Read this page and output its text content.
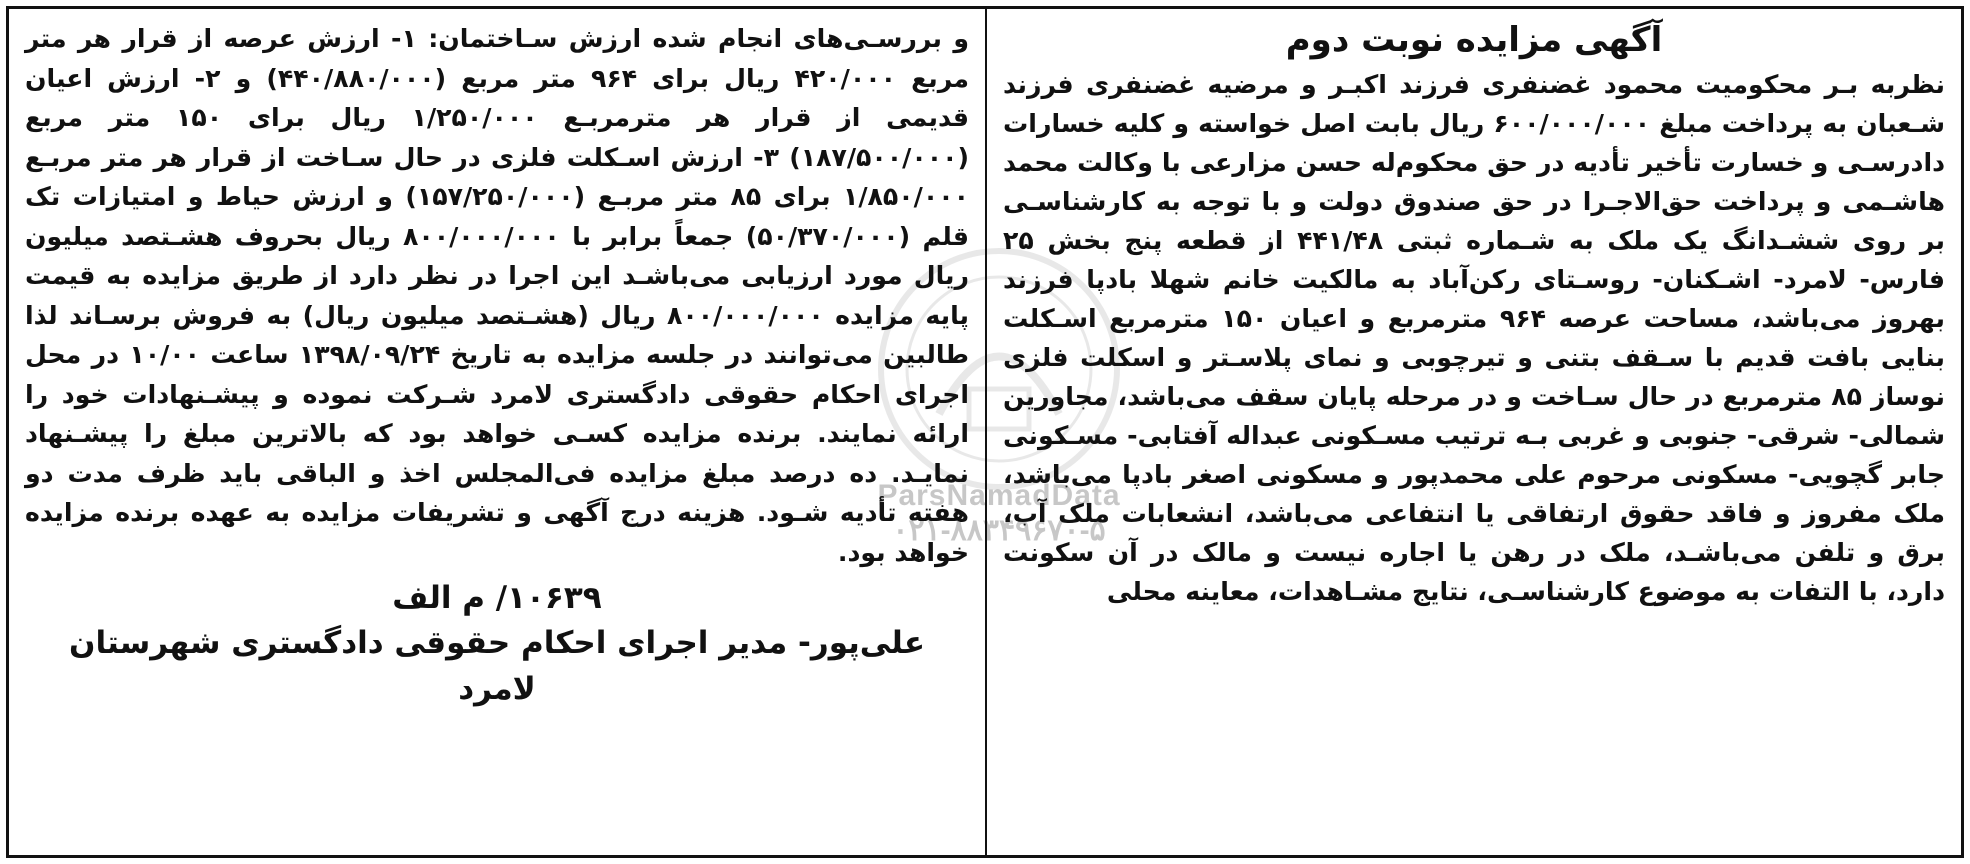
ParsNamadData
۰۲۱-۸۸۳۴۹۶۷۰-۵
آگهی مزایده نوبت دوم

نظربه بـر محکومیت محمود غضنفری فرزند اکبـر و مرضیه غضنفری فرزند شـعبان به پرداخت مبلغ ۶۰۰/۰۰۰/۰۰۰ ریال بابت اصل خواسته و کلیه خسارات دادرسـی و خسارت تأخیر تأدیه در حق محکوم‌له حسن مزارعی با وکالت محمد هاشـمی و پرداخت حق‌الاجـرا در حق صندوق دولت و با توجه به کارشناسـی بر روی ششـدانگ یک ملک به شـماره ثبتی ۴۴۱/۴۸ از قطعه پنج بخش ۲۵ فارس- لامرد- اشـکنان- روسـتای رکن‌آباد به مالکیت خانم شهلا بادپا فرزند بهروز می‌باشد، مساحت عرصه ۹۶۴ مترمربع و اعیان ۱۵۰ مترمربع اسـکلت بنایی بافت قدیم با سـقف بتنی و تیرچوبی و نمای پلاسـتر و اسکلت فلزی نوساز ۸۵ مترمربع در حال سـاخت و در مرحله پایان سقف می‌باشد، مجاورین شمالی- شرقی- جنوبی و غربی بـه ترتیب مسـکونی عبداله آفتابی- مسـکونی جابر گچویی- مسکونی مرحوم علی محمدپور و مسکونی اصغر بادپا می‌باشد، ملک مفروز و فاقد حقوق ارتفاقی یا انتفاعی می‌باشد، انشعابات ملک آب، برق و تلفن می‌باشـد، ملک در رهن یا اجاره نیست و مالک در آن سکونت دارد، با التفات به موضوع کارشناسـی، نتایج مشـاهدات، معاینه محلی

و بررسـی‌های انجام شده ارزش سـاختمان: ۱- ارزش عرصه از قرار هر متر مربع ۴۲۰/۰۰۰ ریال برای ۹۶۴ متر مربع (۴۴۰/۸۸۰/۰۰۰) و ۲- ارزش اعیان قدیمی از قرار هر مترمربـع ۱/۲۵۰/۰۰۰ ریال برای ۱۵۰ متر مربع (۱۸۷/۵۰۰/۰۰۰) ۳- ارزش اسـکلت فلزی در حال سـاخت از قرار هر متر مربـع ۱/۸۵۰/۰۰۰ برای ۸۵ متر مربـع (۱۵۷/۲۵۰/۰۰۰) و ارزش حیاط و امتیازات تک قلم (۵۰/۳۷۰/۰۰۰) جمعاً برابر با ۸۰۰/۰۰۰/۰۰۰ ریال بحروف هشـتصد میلیون ریال مورد ارزیابی می‌باشـد این اجرا در نظر دارد از طریق مزایده به قیمت پایه مزایده ۸۰۰/۰۰۰/۰۰۰ ریال (هشـتصد میلیون ریال) به فروش برسـاند لذا طالبین می‌توانند در جلسه مزایده به تاریخ ۱۳۹۸/۰۹/۲۴ ساعت ۱۰/۰۰ در محل اجرای احکام حقوقی دادگستری لامرد شـرکت نموده و پیشـنهادات خود را ارائه نمایند. برنده مزایده کسـی خواهد بود که بالاترین مبلغ را پیشـنهاد نمایـد. ده درصد مبلغ مزایده فی‌المجلس اخذ و الباقی باید ظرف مدت دو هفته تأدیه شـود. هزینه درج آگهی و تشریفات مزایده به عهده برنده مزایده خواهد بود.

۱۰۶۳۹/ م الف
علی‌پور- مدیر اجرای احکام حقوقی دادگستری شهرستان لامرد
